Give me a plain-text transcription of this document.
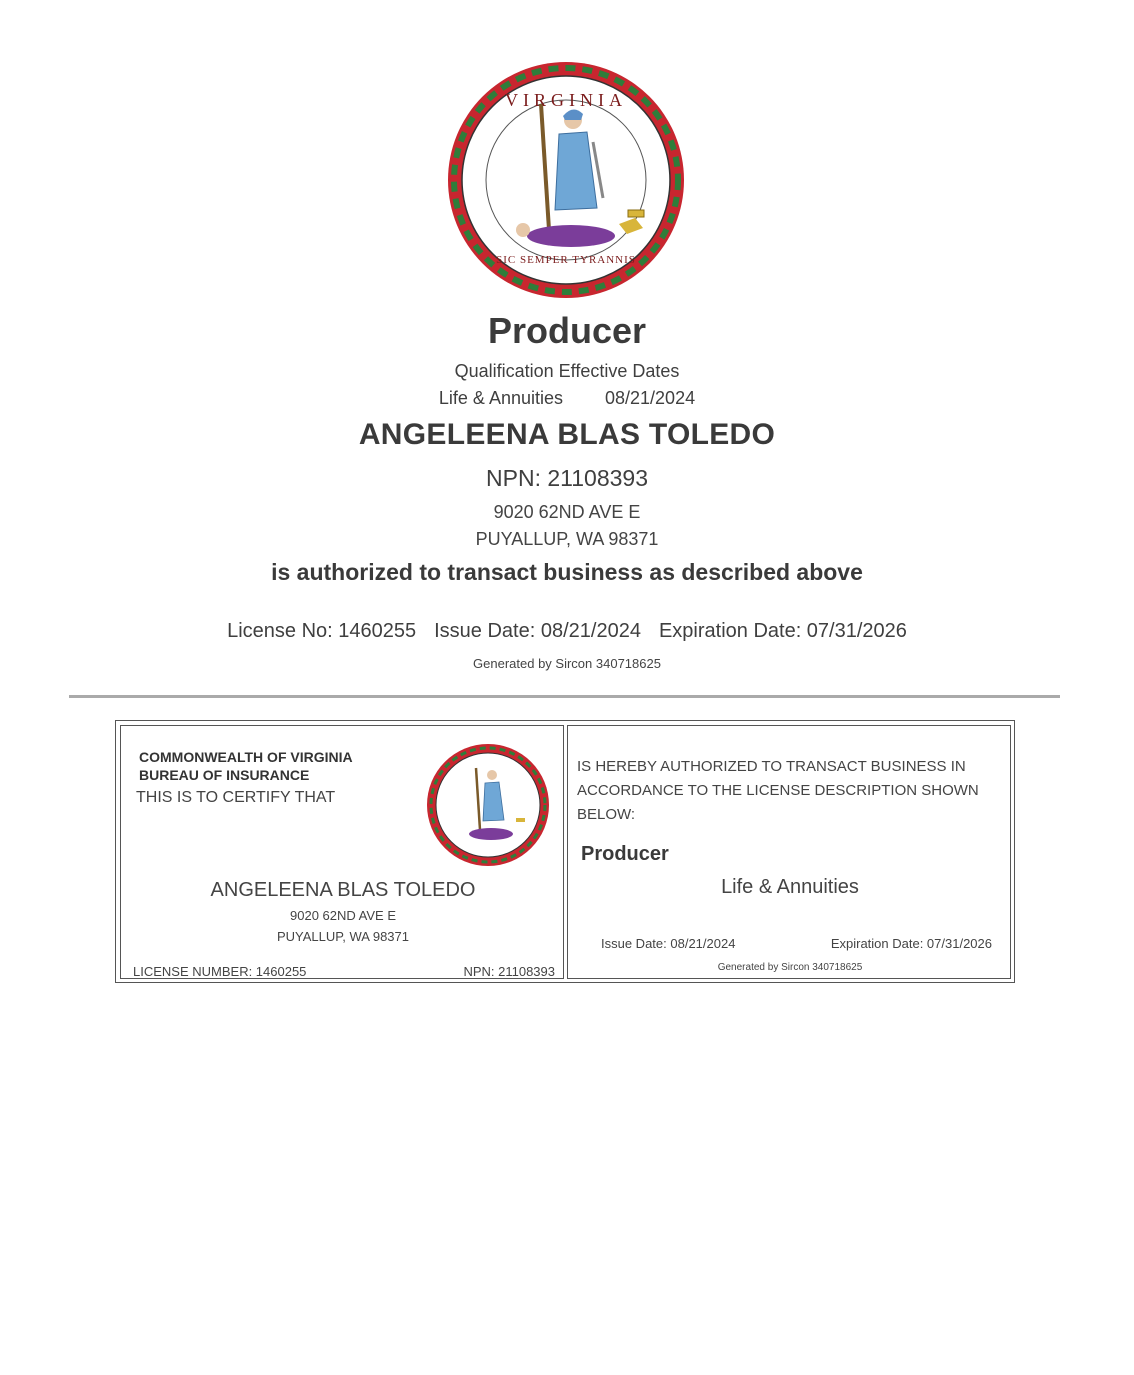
VIRGINIA
SIC SEMPER TYRANNIS
Producer
Qualification Effective Dates
Life & Annuities 08/21/2024
ANGELEENA BLAS TOLEDO
NPN: 21108393
9020 62ND AVE E
PUYALLUP, WA 98371
is authorized to transact business as described above
License No: 1460255 Issue Date: 08/21/2024 Expiration Date: 07/31/2026
Generated by Sircon 340718625
COMMONWEALTH OF VIRGINIA
BUREAU OF INSURANCE
THIS IS TO CERTIFY THAT
ANGELEENA BLAS TOLEDO
9020 62ND AVE E
PUYALLUP, WA 98371
LICENSE NUMBER: 1460255	NPN: 21108393
IS HEREBY AUTHORIZED TO TRANSACT BUSINESS IN ACCORDANCE TO THE LICENSE DESCRIPTION SHOWN BELOW:
Producer
Life & Annuities
Issue Date: 08/21/2024	Expiration Date: 07/31/2026
Generated by Sircon 340718625
